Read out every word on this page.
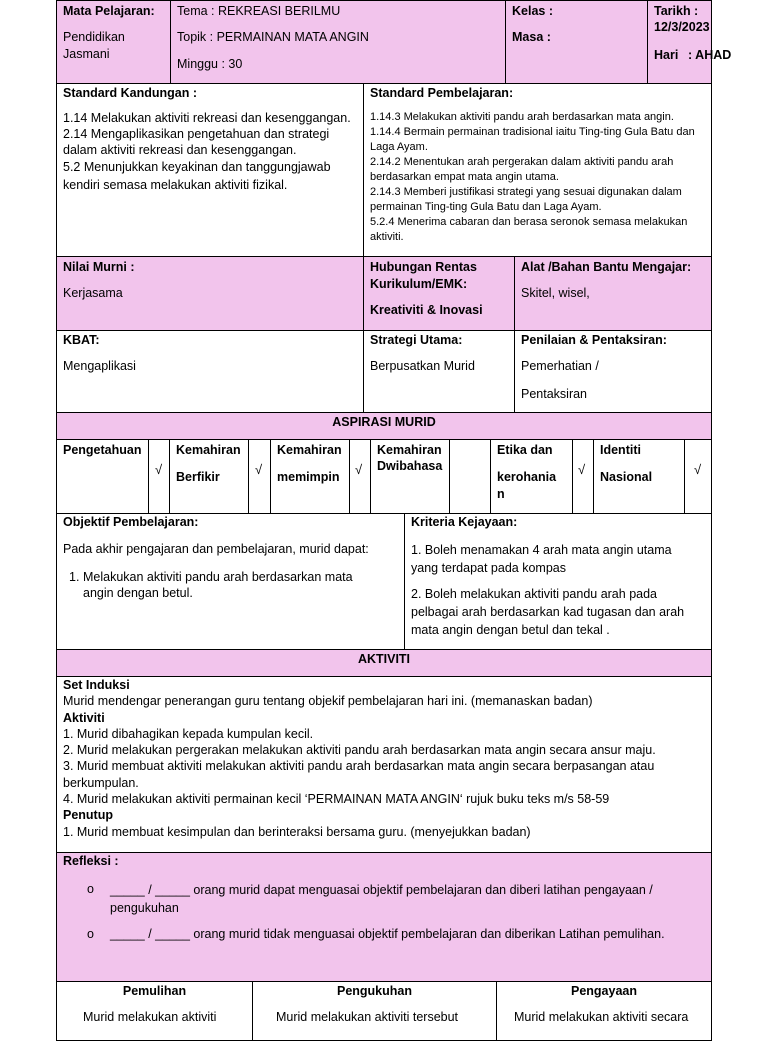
Mata Pelajaran:
Pendidikan
Jasmani
Tema : REKREASI BERILMU
Topik : PERMAINAN MATA ANGIN
Minggu : 30
Kelas :
Masa :
Tarikh :
12/3/2023
Hari : AHAD
Standard Kandungan :
1.14 Melakukan aktiviti rekreasi dan kesenggangan.
2.14 Mengaplikasikan pengetahuan dan strategi dalam aktiviti rekreasi dan kesenggangan.
5.2 Menunjukkan keyakinan dan tanggungjawab kendiri semasa melakukan aktiviti fizikal.
Standard Pembelajaran:
1.14.3 Melakukan aktiviti pandu arah berdasarkan mata angin.
1.14.4 Bermain permainan tradisional iaitu Ting-ting Gula Batu dan Laga Ayam.
2.14.2 Menentukan arah pergerakan dalam aktiviti pandu arah berdasarkan empat mata angin utama.
2.14.3 Memberi justifikasi strategi yang sesuai digunakan dalam permainan Ting-ting Gula Batu dan Laga Ayam.
5.2.4 Menerima cabaran dan berasa seronok semasa melakukan aktiviti.
Nilai Murni :
Kerjasama
Hubungan Rentas
Kurikulum/EMK:
Kreativiti & Inovasi
Alat /Bahan Bantu Mengajar:
Skitel, wisel,
KBAT:
Mengaplikasi
Strategi Utama:
Berpusatkan Murid
Penilaian & Pentaksiran:
Pemerhatian /
Pentaksiran
ASPIRASI MURID
Pengetahuan
√
Kemahiran
Berfikir	√
Kemahiran
memimpin √
Kemahiran
Dwibahasa
Etika dan
kerohania
n
√
Identiti
Nasional	√
Objektif Pembelajaran:
Pada akhir pengajaran dan pembelajaran, murid dapat:
1. Melakukan aktiviti pandu arah berdasarkan mata angin dengan betul.
Kriteria Kejayaan:
1. Boleh menamakan 4 arah mata angin utama yang terdapat pada kompas
2. Boleh melakukan aktiviti pandu arah pada pelbagai arah berdasarkan kad tugasan dan arah mata angin dengan betul dan tekal .
AKTIVITI
Set Induksi
Murid mendengar penerangan guru tentang objekif pembelajaran hari ini. (memanaskan badan)
Aktiviti
1. Murid dibahagikan kepada kumpulan kecil.
2. Murid melakukan pergerakan melakukan aktiviti pandu arah berdasarkan mata angin secara ansur maju.
3. Murid membuat aktiviti melakukan aktiviti pandu arah berdasarkan mata angin secara berpasangan atau berkumpulan.
4. Murid melakukan aktiviti permainan kecil ‘PERMAINAN MATA ANGIN‘ rujuk buku teks m/s 58-59
Penutup
1. Murid membuat kesimpulan dan berinteraksi bersama guru. (menyejukkan badan)
Refleksi :
o _____ / _____ orang murid dapat menguasai objektif pembelajaran dan diberi latihan pengayaan / pengukuhan
o _____ / _____ orang murid tidak menguasai objektif pembelajaran dan diberikan Latihan pemulihan.
Pemulihan
Murid melakukan aktiviti
Pengukuhan
Murid melakukan aktiviti tersebut
Pengayaan
Murid melakukan aktiviti secara
